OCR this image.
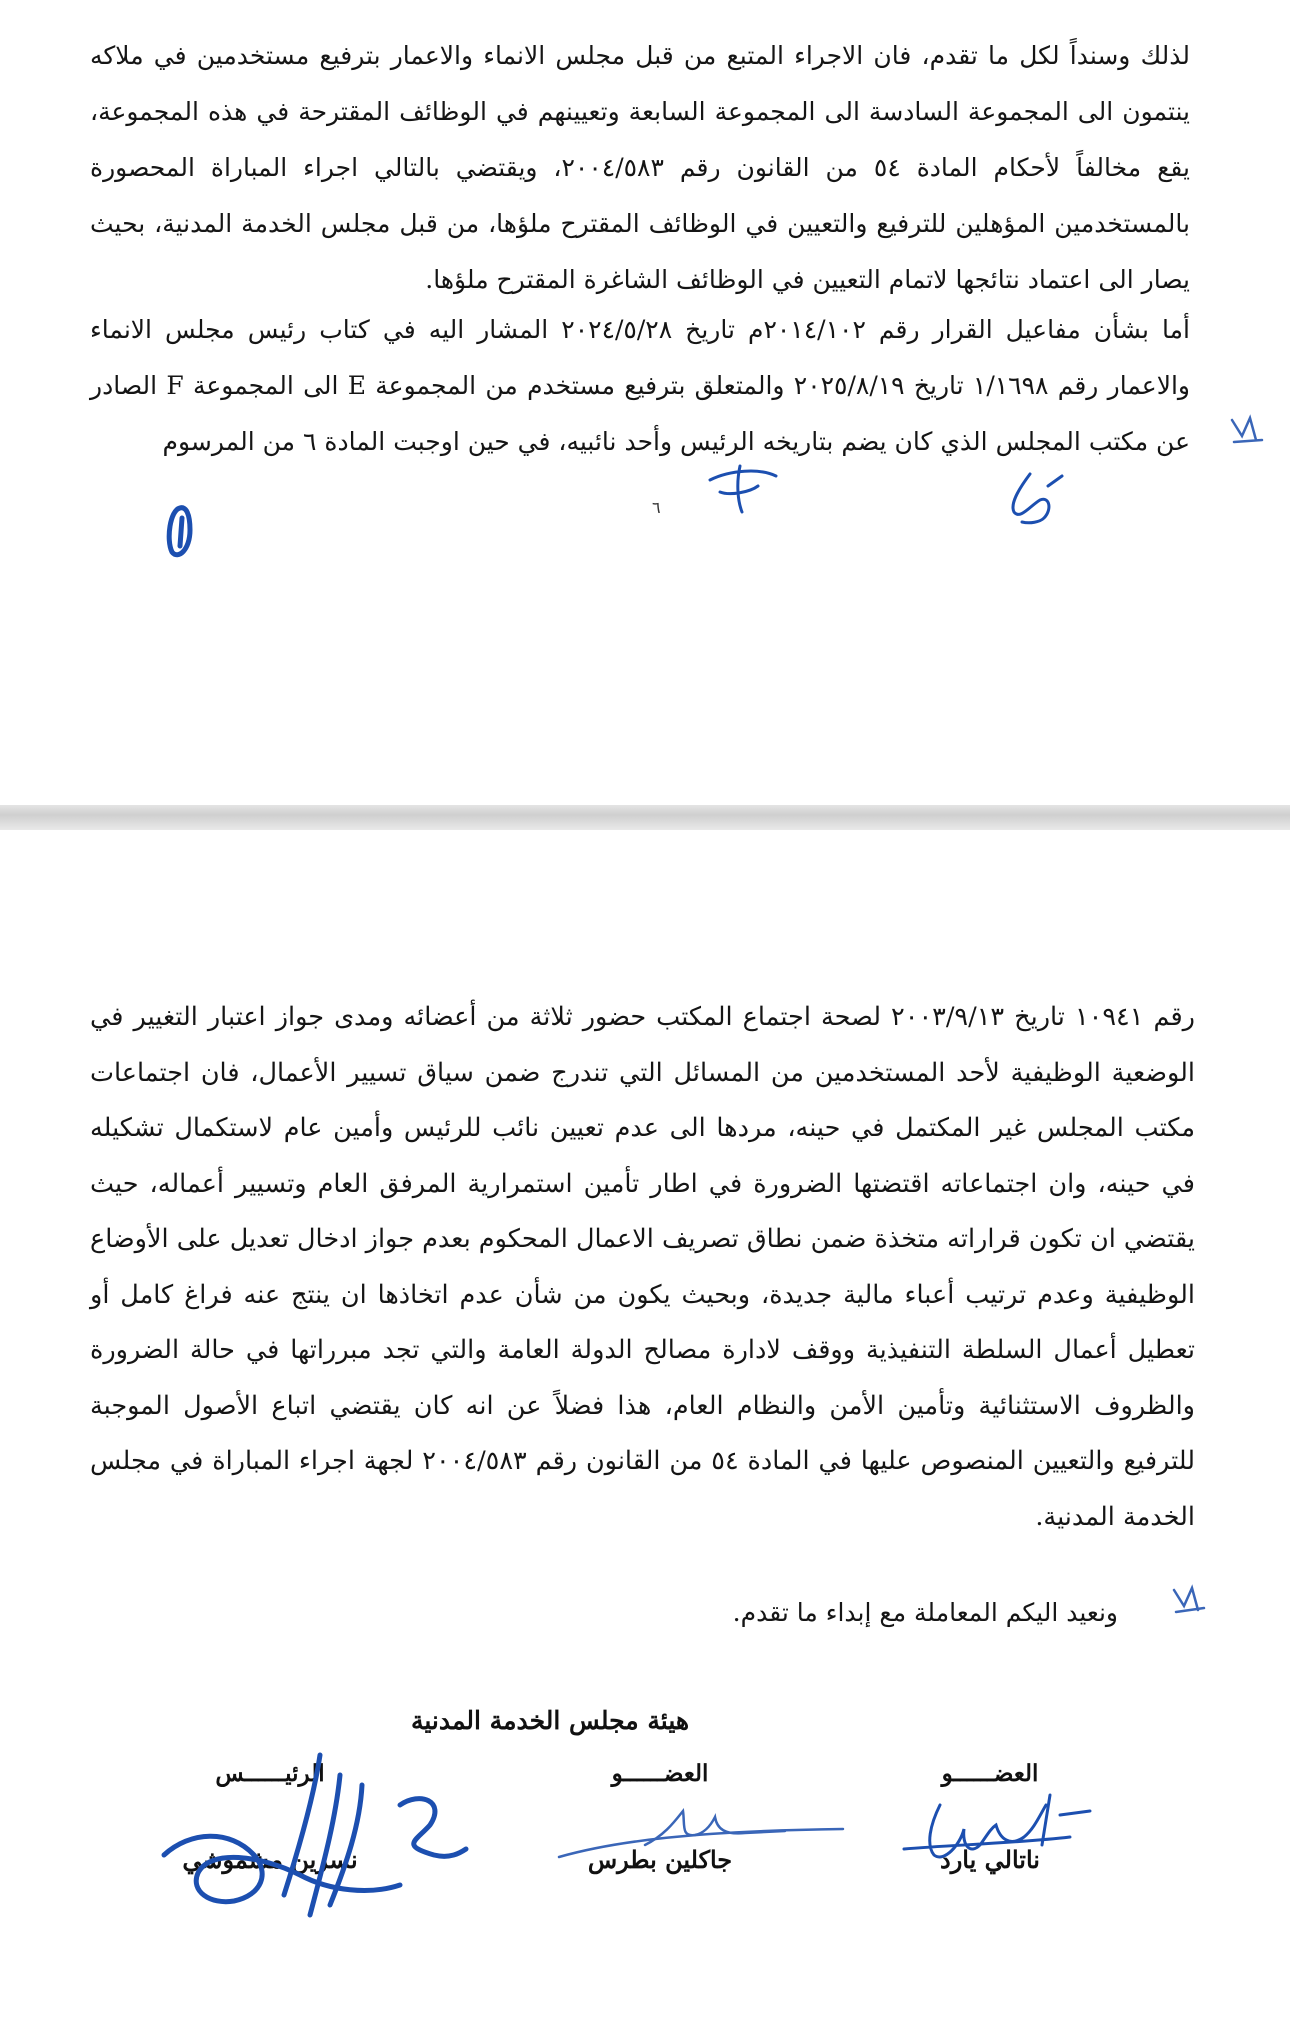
لذلك وسنداً لكل ما تقدم، فان الاجراء المتبع من قبل مجلس الانماء والاعمار بترفيع مستخدمين في ملاكه ينتمون الى المجموعة السادسة الى المجموعة السابعة وتعيينهم في الوظائف المقترحة في هذه المجموعة، يقع مخالفاً لأحكام المادة ٥٤ من القانون رقم ٢٠٠٤/٥٨٣، ويقتضي بالتالي اجراء المباراة المحصورة بالمستخدمين المؤهلين للترفيع والتعيين في الوظائف المقترح ملؤها، من قبل مجلس الخدمة المدنية، بحيث يصار الى اعتماد نتائجها لاتمام التعيين في الوظائف الشاغرة المقترح ملؤها.

أما بشأن مفاعيل القرار رقم ٢٠١٤/١٠٢م تاريخ ٢٠٢٤/٥/٢٨ المشار اليه في كتاب رئيس مجلس الانماء والاعمار رقم ١/١٦٩٨ تاريخ ٢٠٢٥/٨/١٩ والمتعلق بترفيع مستخدم من المجموعة E الى المجموعة F الصادر عن مكتب المجلس الذي كان يضم بتاريخه الرئيس وأحد نائبيه، في حين اوجبت المادة ٦ من المرسوم

٦

رقم ١٠٩٤١ تاريخ ٢٠٠٣/٩/١٣ لصحة اجتماع المكتب حضور ثلاثة من أعضائه ومدى جواز اعتبار التغيير في الوضعية الوظيفية لأحد المستخدمين من المسائل التي تندرج ضمن سياق تسيير الأعمال، فان اجتماعات مكتب المجلس غير المكتمل في حينه، مردها الى عدم تعيين نائب للرئيس وأمين عام لاستكمال تشكيله في حينه، وان اجتماعاته اقتضتها الضرورة في اطار تأمين استمرارية المرفق العام وتسيير أعماله، حيث يقتضي ان تكون قراراته متخذة ضمن نطاق تصريف الاعمال المحكوم بعدم جواز ادخال تعديل على الأوضاع الوظيفية وعدم ترتيب أعباء مالية جديدة، وبحيث يكون من شأن عدم اتخاذها ان ينتج عنه فراغ كامل أو تعطيل أعمال السلطة التنفيذية ووقف لادارة مصالح الدولة العامة والتي تجد مبرراتها في حالة الضرورة والظروف الاستثنائية وتأمين الأمن والنظام العام، هذا فضلاً عن انه كان يقتضي اتباع الأصول الموجبة للترفيع والتعيين المنصوص عليها في المادة ٥٤ من القانون رقم ٢٠٠٤/٥٨٣ لجهة اجراء المباراة في مجلس الخدمة المدنية.

ونعيد اليكم المعاملة مع إبداء ما تقدم.

هيئة مجلس الخدمة المدنية
الرئيــــــس
نسرين مشموشي
العضــــــو
جاكلين بطرس
العضــــــو
ناتالي يارد
